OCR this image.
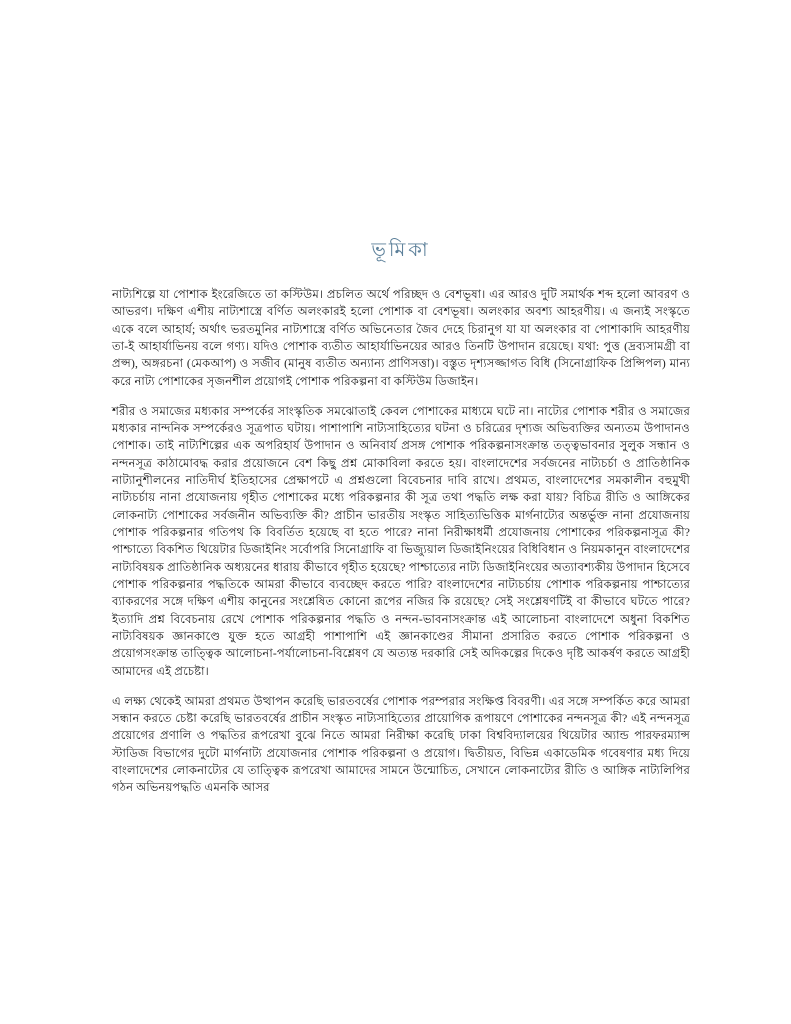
ভূমিকা

নাট্যশিল্পে যা পোশাক ইংরেজিতে তা কস্টিউম। প্রচলিত অর্থে পরিচ্ছদ ও বেশভূষা। এর আরও দুটি সমার্থক শব্দ হলো আবরণ ও আভরণ। দক্ষিণ এশীয় নাট্যশাস্ত্রে বর্ণিত অলংকারই হলো পোশাক বা বেশভূষা। অলংকার অবশ্য আহরণীয়। এ জন্যই সংস্কৃতে একে বলে আহার্য; অর্থাৎ ভরতমুনির নাট্যশাস্ত্রে বর্ণিত অভিনেতার জৈব দেহে চিরানুগ যা যা অলংকার বা পোশাকাদি আহরণীয় তা-ই আহার্যাভিনয় বলে গণ্য। যদিও পোশাক ব্যতীত আহার্যাভিনয়ের আরও তিনটি উপাদান রয়েছে। যথা: পুত্ত (দ্রব্যসামগ্রী বা প্রপ্স), অঙ্গরচনা (মেকআপ) ও সজীব (মানুষ ব্যতীত অন্যান্য প্রাণিসত্তা)। বস্তুত দৃশ্যসজ্জাগত বিধি (সিনোগ্রাফিক প্রিন্সিপল) মান্য করে নাট্য পোশাকের সৃজনশীল প্রয়োগই পোশাক পরিকল্পনা বা কস্টিউম ডিজাইন।

শরীর ও সমাজের মধ্যকার সম্পর্কের সাংস্কৃতিক সমঝোতাই কেবল পোশাকের মাধ্যমে ঘটে না। নাট্যের পোশাক শরীর ও সমাজের মধ্যকার নান্দনিক সম্পর্কেরও সূত্রপাত ঘটায়। পাশাপাশি নাট্যসাহিত্যের ঘটনা ও চরিত্রের দৃশ্যজ অভিব্যক্তির অন্যতম উপাদানও পোশাক। তাই নাট্যশিল্পের এক অপরিহার্য উপাদান ও অনিবার্য প্রসঙ্গ পোশাক পরিকল্পনাসংক্রান্ত তত্ত্বভাবনার সুলুক সন্ধান ও নন্দনসূত্র কাঠামোবদ্ধ করার প্রয়োজনে বেশ কিছু প্রশ্ন মোকাবিলা করতে হয়। বাংলাদেশের সর্বজনের নাট্যচর্চা ও প্রাতিষ্ঠানিক নাট্যানুশীলনের নাতিদীর্ঘ ইতিহাসের প্রেক্ষাপটে এ প্রশ্নগুলো বিবেচনার দাবি রাখে। প্রথমত, বাংলাদেশের সমকালীন বহুমুখী নাট্যচর্চায় নানা প্রযোজনায় গৃহীত পোশাকের মধ্যে পরিকল্পনার কী সূত্র তথা পদ্ধতি লক্ষ করা যায়? বিচিত্র রীতি ও আঙ্গিকের লোকনাট্য পোশাকের সর্বজনীন অভিব্যক্তি কী? প্রাচীন ভারতীয় সংস্কৃত সাহিত্যভিত্তিক মার্গনাট্যের অন্তর্ভুক্ত নানা প্রযোজনায় পোশাক পরিকল্পনার গতিপথ কি বিবর্তিত হয়েছে বা হতে পারে? নানা নিরীক্ষাধর্মী প্রযোজনায় পোশাকের পরিকল্পনাসূত্র কী? পাশ্চাত্যে বিকশিত থিয়েটার ডিজাইনিং সর্বোপরি সিনোগ্রাফি বা ভিজ্যুয়াল ডিজাইনিংয়ের বিধিবিধান ও নিয়মকানুন বাংলাদেশের নাট্যবিষয়ক প্রাতিষ্ঠানিক অধ্যয়নের ধারায় কীভাবে গৃহীত হয়েছে? পাশ্চাত্যের নাট্য ডিজাইনিংয়ের অত্যাবশ্যকীয় উপাদান হিসেবে পোশাক পরিকল্পনার পদ্ধতিকে আমরা কীভাবে ব্যবচ্ছেদ করতে পারি? বাংলাদেশের নাট্যচর্চায় পোশাক পরিকল্পনায় পাশ্চাত্যের ব্যাকরণের সঙ্গে দক্ষিণ এশীয় কানুনের সংশ্লেষিত কোনো রূপের নজির কি রয়েছে? সেই সংশ্লেষণটিই বা কীভাবে ঘটতে পারে? ইত্যাদি প্রশ্ন বিবেচনায় রেখে পোশাক পরিকল্পনার পদ্ধতি ও নন্দন-ভাবনাসংক্রান্ত এই আলোচনা বাংলাদেশে অধুনা বিকশিত নাট্যবিষয়ক জ্ঞানকাণ্ডে যুক্ত হতে আগ্রহী পাশাপাশি এই জ্ঞানকাণ্ডের সীমানা প্রসারিত করতে পোশাক পরিকল্পনা ও প্রয়োগসংক্রান্ত তাত্ত্বিক আলোচনা-পর্যালোচনা-বিশ্লেষণ যে অত্যন্ত দরকারি সেই অদিকল্পের দিকেও দৃষ্টি আকর্ষণ করতে আগ্রহী আমাদের এই প্রচেষ্টা।

এ লক্ষ্য থেকেই আমরা প্রথমত উত্থাপন করেছি ভারতবর্ষের পোশাক পরম্পরার সংক্ষিপ্ত বিবরণী। এর সঙ্গে সম্পর্কিত করে আমরা সন্ধান করতে চেষ্টা করেছি ভারতবর্ষের প্রাচীন সংস্কৃত নাট্যসাহিত্যের প্রায়োগিক রূপায়ণে পোশাকের নন্দনসূত্র কী? এই নন্দনসূত্র প্রয়োগের প্রণালি ও পদ্ধতির রূপরেখা বুঝে নিতে আমরা নিরীক্ষা করেছি ঢাকা বিশ্ববিদ্যালয়ের থিয়েটার অ্যান্ড পারফরম্যান্স স্টাডিজ বিভাগের দুটো মার্গনাট্য প্রযোজনার পোশাক পরিকল্পনা ও প্রয়োগ। দ্বিতীয়ত, বিভিন্ন একাডেমিক গবেষণার মধ্য দিয়ে বাংলাদেশের লোকনাট্যের যে তাত্ত্বিক রূপরেখা আমাদের সামনে উন্মোচিত, সেখানে লোকনাট্যের রীতি ও আঙ্গিক নাট্যলিপির গঠন অভিনয়পদ্ধতি এমনকি আসর
